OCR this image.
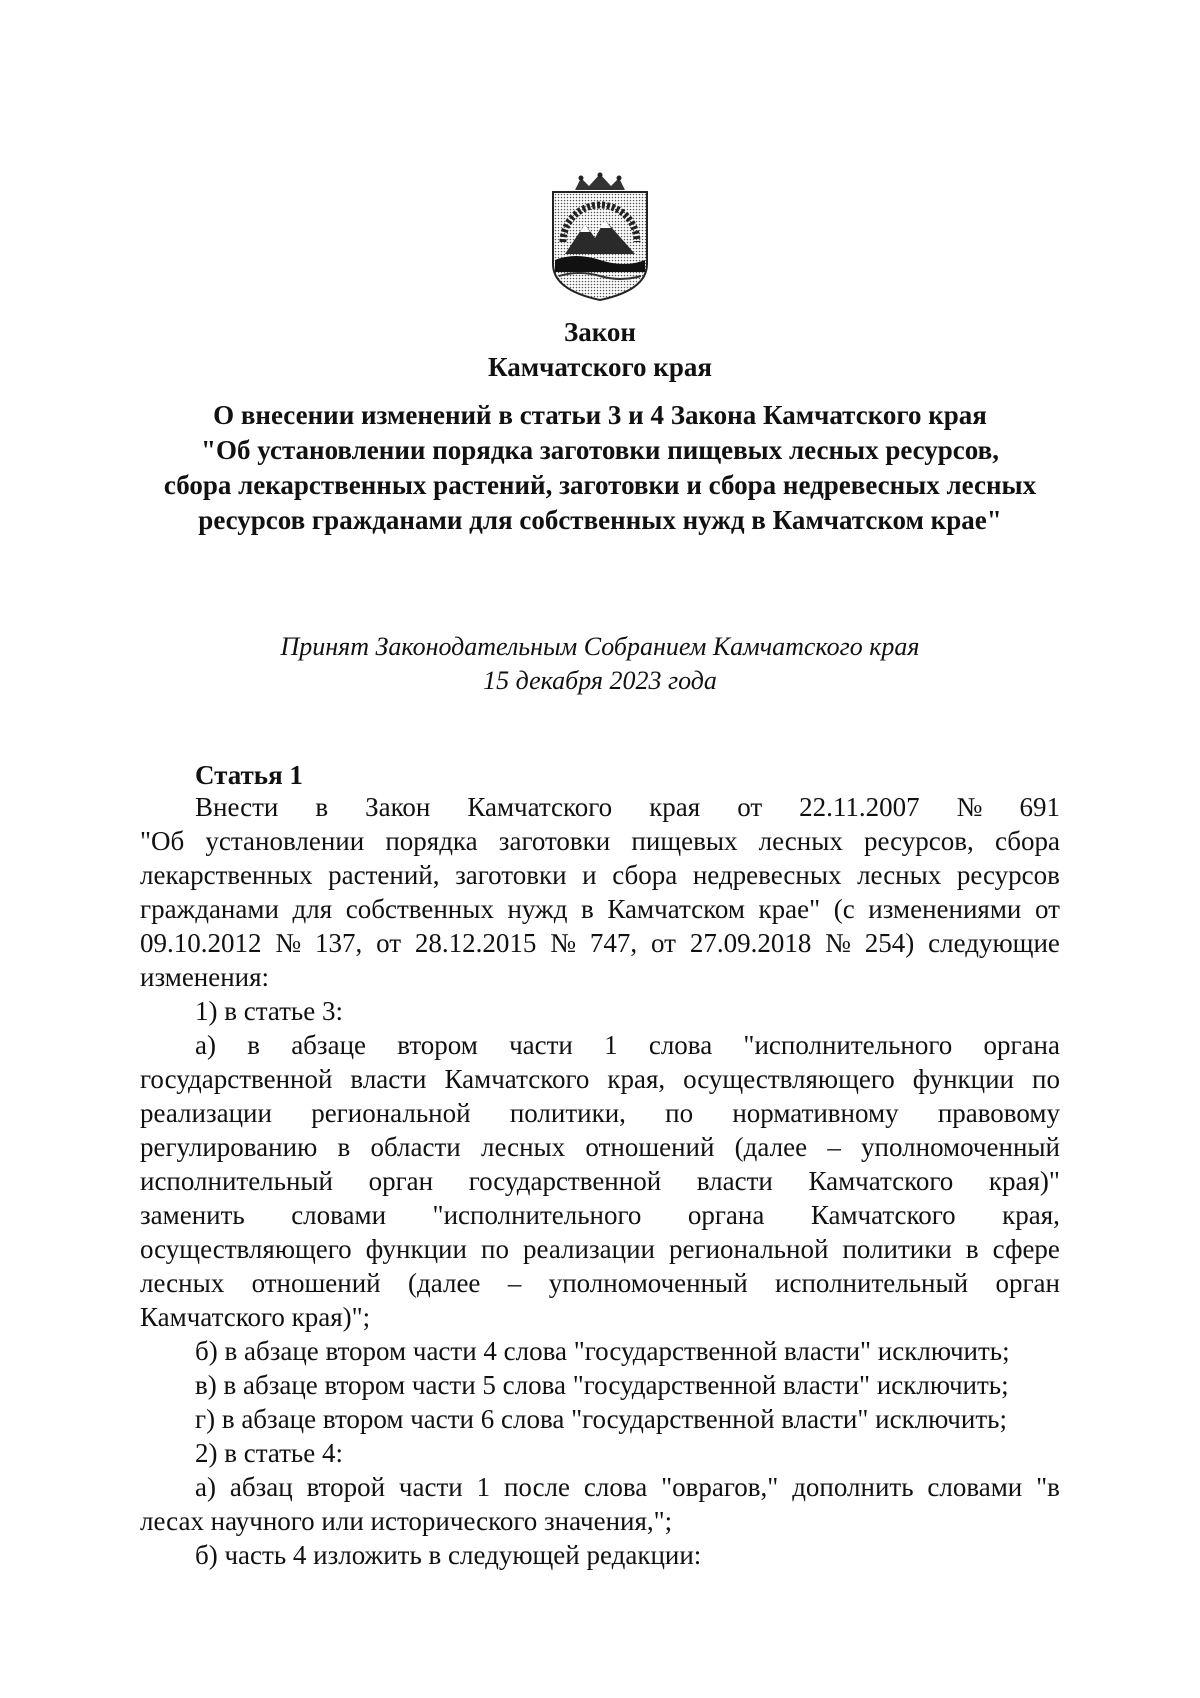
Закон
Камчатского края
О внесении изменений в статьи 3 и 4 Закона Камчатского края
"Об установлении порядка заготовки пищевых лесных ресурсов,
сбора лекарственных растений, заготовки и сбора недревесных лесных
ресурсов гражданами для собственных нужд в Камчатском крае"
Принят Законодательным Собранием Камчатского края
15 декабря 2023 года
Статья 1
Внести в Закон Камчатского края от 22.11.2007 № 691
"Об установлении порядка заготовки пищевых лесных ресурсов, сбора
лекарственных растений, заготовки и сбора недревесных лесных ресурсов
гражданами для собственных нужд в Камчатском крае" (с изменениями от
09.10.2012 № 137, от 28.12.2015 № 747, от 27.09.2018 № 254) следующие
изменения:
1) в статье 3:
а) в абзаце втором части 1 слова "исполнительного органа
государственной власти Камчатского края, осуществляющего функции по
реализации региональной политики, по нормативному правовому
регулированию в области лесных отношений (далее – уполномоченный
исполнительный орган государственной власти Камчатского края)"
заменить словами "исполнительного органа Камчатского края,
осуществляющего функции по реализации региональной политики в сфере
лесных отношений (далее – уполномоченный исполнительный орган
Камчатского края)";
б) в абзаце втором части 4 слова "государственной власти" исключить;
в) в абзаце втором части 5 слова "государственной власти" исключить;
г) в абзаце втором части 6 слова "государственной власти" исключить;
2) в статье 4:
а) абзац второй части 1 после слова "оврагов," дополнить словами "в
лесах научного или исторического значения,";
б) часть 4 изложить в следующей редакции:
